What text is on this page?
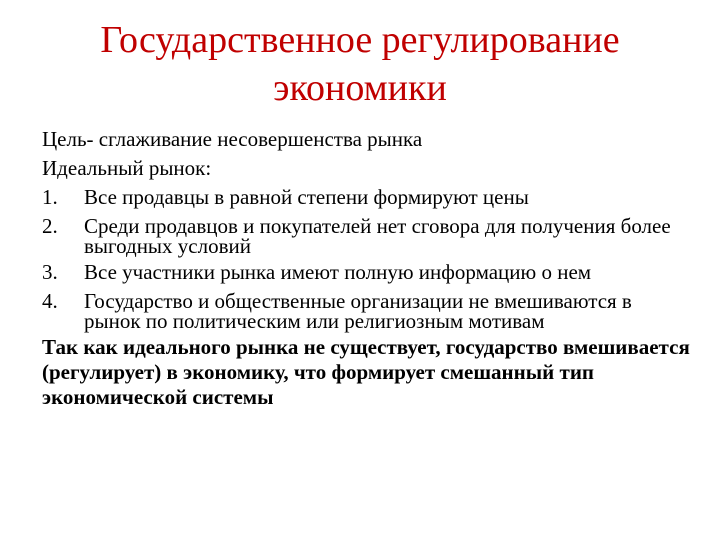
Государственное регулирование
экономики

Цель- сглаживание несовершенства рынка

Идеальный рынок:

1.	Все продавцы в равной степени формируют цены
2.	Среди продавцов и покупателей нет сговора для получения более выгодных условий
3.	Все участники рынка имеют полную информацию о нем
4.	Государство и общественные организации не вмешиваются в рынок по политическим или религиозным мотивам

Так как идеального рынка не существует, государство вмешивается (регулирует) в экономику, что формирует смешанный тип экономической системы
